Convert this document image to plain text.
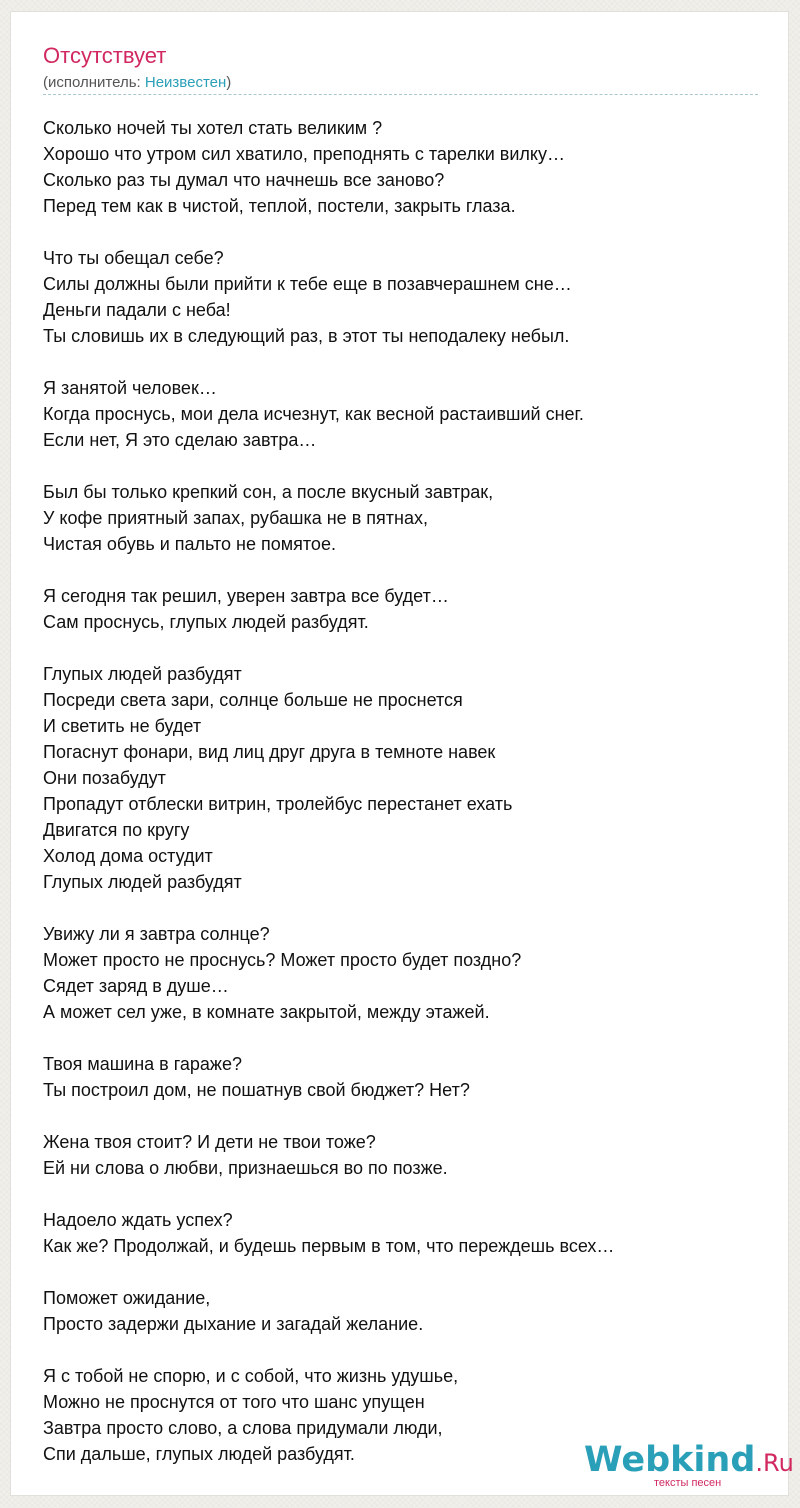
Отсутствует
(исполнитель: Неизвестен)
Сколько ночей ты хотел стать великим ?
Хорошо что утром сил хватило, преподнять с тарелки вилку…
Сколько раз ты думал что начнешь все заново?
Перед тем как в чистой, теплой, постели, закрыть глаза.
Что ты обещал себе?
Силы должны были прийти к тебе еще в позавчерашнем сне…
Деньги падали с неба!
Ты словишь их в следующий раз, в этот ты неподалеку небыл.
Я занятой человек…
Когда проснусь, мои дела исчезнут, как весной растаивший снег.
Если нет, Я это сделаю завтра…
Был бы только крепкий сон, а после вкусный завтрак,
У кофе приятный запах, рубашка не в пятнах,
Чистая обувь и пальто не помятое.
Я сегодня так решил, уверен завтра все будет…
Сам проснусь, глупых людей разбудят.
Глупых людей разбудят
Посреди света зари, солнце больше не проснется
И светить не будет
Погаснут фонари, вид лиц друг друга в темноте навек
Они позабудут
Пропадут отблески витрин, тролейбус перестанет ехать
Двигатся по кругу
Холод дома остудит
Глупых людей разбудят
Увижу ли я завтра солнце?
Может просто не проснусь? Может просто будет поздно?
Сядет заряд в душе…
А может сел уже, в комнате закрытой, между этажей.
Твоя машина в гараже?
Ты построил дом, не пошатнув свой бюджет? Нет?
Жена твоя стоит? И дети не твои тоже?
Ей ни слова о любви, признаешься во по позже.
Надоело ждать успех?
Как же? Продолжай, и будешь первым в том, что переждешь всех…
Поможет ожидание,
Просто задержи дыхание и загадай желание.
Я с тобой не спорю, и с собой, что жизнь удушье,
Можно не проснутся от того что шанс упущен
Завтра просто слово, а слова придумали люди,
Спи дальше, глупых людей разбудят.	Webkind.Ru
тексты песен
